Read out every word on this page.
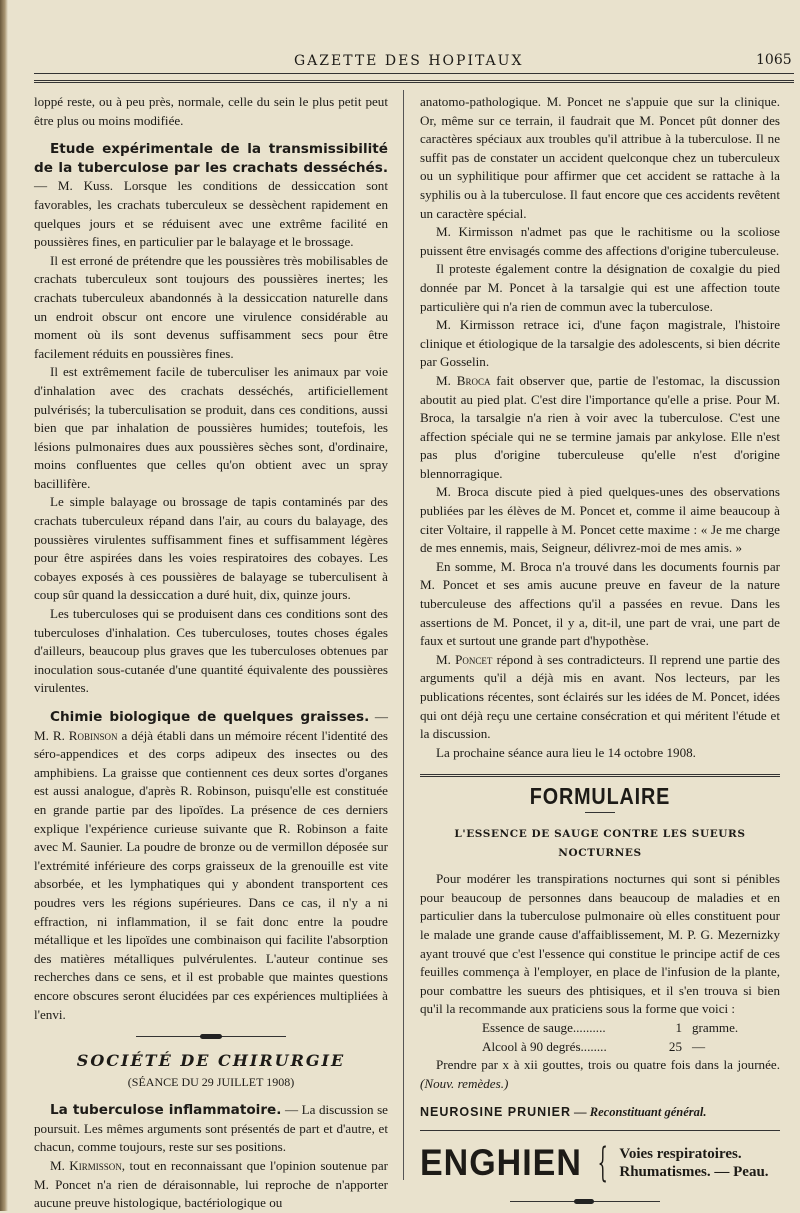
GAZETTE DES HOPITAUX	1065

loppé reste, ou à peu près, normale, celle du sein le plus petit peut être plus ou moins modifiée.

Etude expérimentale de la transmissibilité de la tuberculose par les crachats desséchés. — M. Kuss. Lorsque les conditions de dessiccation sont favorables, les crachats tuberculeux se dessèchent rapidement en quelques jours et se réduisent avec une extrême facilité en poussières fines, en particulier par le balayage et le brossage.

Il est erroné de prétendre que les poussières très mobilisables de crachats tuberculeux sont toujours des poussières inertes; les crachats tuberculeux abandonnés à la dessiccation naturelle dans un endroit obscur ont encore une virulence considérable au moment où ils sont devenus suffisamment secs pour être facilement réduits en poussières fines.

Il est extrêmement facile de tuberculiser les animaux par voie d'inhalation avec des crachats desséchés, artificiellement pulvérisés; la tuberculisation se produit, dans ces conditions, aussi bien que par inhalation de poussières humides; toutefois, les lésions pulmonaires dues aux poussières sèches sont, d'ordinaire, moins confluentes que celles qu'on obtient avec un spray bacillifère.

Le simple balayage ou brossage de tapis contaminés par des crachats tuberculeux répand dans l'air, au cours du balayage, des poussières virulentes suffisamment fines et suffisamment légères pour être aspirées dans les voies respiratoires des cobayes. Les cobayes exposés à ces poussières de balayage se tuberculisent à coup sûr quand la dessiccation a duré huit, dix, quinze jours.

Les tuberculoses qui se produisent dans ces conditions sont des tuberculoses d'inhalation. Ces tuberculoses, toutes choses égales d'ailleurs, beaucoup plus graves que les tuberculoses obtenues par inoculation sous-cutanée d'une quantité équivalente des poussières virulentes.

Chimie biologique de quelques graisses. — M. R. Robinson a déjà établi dans un mémoire récent l'identité des séro-appendices et des corps adipeux des insectes ou des amphibiens. La graisse que contiennent ces deux sortes d'organes est aussi analogue, d'après R. Robinson, puisqu'elle est constituée en grande partie par des lipoïdes. La présence de ces derniers explique l'expérience curieuse suivante que R. Robinson a faite avec M. Saunier. La poudre de bronze ou de vermillon déposée sur l'extrémité inférieure des corps graisseux de la grenouille est vite absorbée, et les lymphatiques qui y abondent transportent ces poudres vers les régions supérieures. Dans ce cas, il n'y a ni effraction, ni inflammation, il se fait donc entre la poudre métallique et les lipoïdes une combinaison qui facilite l'absorption des matières métalliques pulvérulentes. L'auteur continue ses recherches dans ce sens, et il est probable que maintes questions encore obscures seront élucidées par ces expériences multipliées à l'envi.

SOCIÉTÉ DE CHIRURGIE
(SÉANCE DU 29 JUILLET 1908)

La tuberculose inflammatoire. — La discussion se poursuit. Les mêmes arguments sont présentés de part et d'autre, et chacun, comme toujours, reste sur ses positions.

M. Kirmisson, tout en reconnaissant que l'opinion soutenue par M. Poncet n'a rien de déraisonnable, lui reproche de n'apporter aucune preuve histologique, bactériologique ou

anatomo-pathologique. M. Poncet ne s'appuie que sur la clinique. Or, même sur ce terrain, il faudrait que M. Poncet pût donner des caractères spéciaux aux troubles qu'il attribue à la tuberculose. Il ne suffit pas de constater un accident quelconque chez un tuberculeux ou un syphilitique pour affirmer que cet accident se rattache à la syphilis ou à la tuberculose. Il faut encore que ces accidents revêtent un caractère spécial.

M. Kirmisson n'admet pas que le rachitisme ou la scoliose puissent être envisagés comme des affections d'origine tuberculeuse.

Il proteste également contre la désignation de coxalgie du pied donnée par M. Poncet à la tarsalgie qui est une affection toute particulière qui n'a rien de commun avec la tuberculose.

M. Kirmisson retrace ici, d'une façon magistrale, l'histoire clinique et étiologique de la tarsalgie des adolescents, si bien décrite par Gosselin.

M. Broca fait observer que, partie de l'estomac, la discussion aboutit au pied plat. C'est dire l'importance qu'elle a prise. Pour M. Broca, la tarsalgie n'a rien à voir avec la tuberculose. C'est une affection spéciale qui ne se termine jamais par ankylose. Elle n'est pas plus d'origine tuberculeuse qu'elle n'est d'origine blennorragique.

M. Broca discute pied à pied quelques-unes des observations publiées par les élèves de M. Poncet et, comme il aime beaucoup à citer Voltaire, il rappelle à M. Poncet cette maxime : « Je me charge de mes ennemis, mais, Seigneur, délivrez-moi de mes amis. »

En somme, M. Broca n'a trouvé dans les documents fournis par M. Poncet et ses amis aucune preuve en faveur de la nature tuberculeuse des affections qu'il a passées en revue. Dans les assertions de M. Poncet, il y a, dit-il, une part de vrai, une part de faux et surtout une grande part d'hypothèse.

M. Poncet répond à ses contradicteurs. Il reprend une partie des arguments qu'il a déjà mis en avant. Nos lecteurs, par les publications récentes, sont éclairés sur les idées de M. Poncet, idées qui ont déjà reçu une certaine consécration et qui méritent l'étude et la discussion.

La prochaine séance aura lieu le 14 octobre 1908.

FORMULAIRE
L'ESSENCE DE SAUGE CONTRE LES SUEURS NOCTURNES

Pour modérer les transpirations nocturnes qui sont si pénibles pour beaucoup de personnes dans beaucoup de maladies et en particulier dans la tuberculose pulmonaire où elles constituent pour le malade une grande cause d'affaiblissement, M. P. G. Mezernizky ayant trouvé que c'est l'essence qui constitue le principe actif de ces feuilles commença à l'employer, en place de l'infusion de la plante, pour combattre les sueurs des phtisiques, et il s'en trouva si bien qu'il la recommande aux praticiens sous la forme que voici :

Essence de sauge..........	1 gramme.
Alcool à 90 degrés........	25 —

Prendre par x à xii gouttes, trois ou quatre fois dans la journée. (Nouv. remèdes.)

NEUROSINE PRUNIER — Reconstituant général.
ENGHIEN { Voies respiratoires.
Rhumatismes. — Peau.
